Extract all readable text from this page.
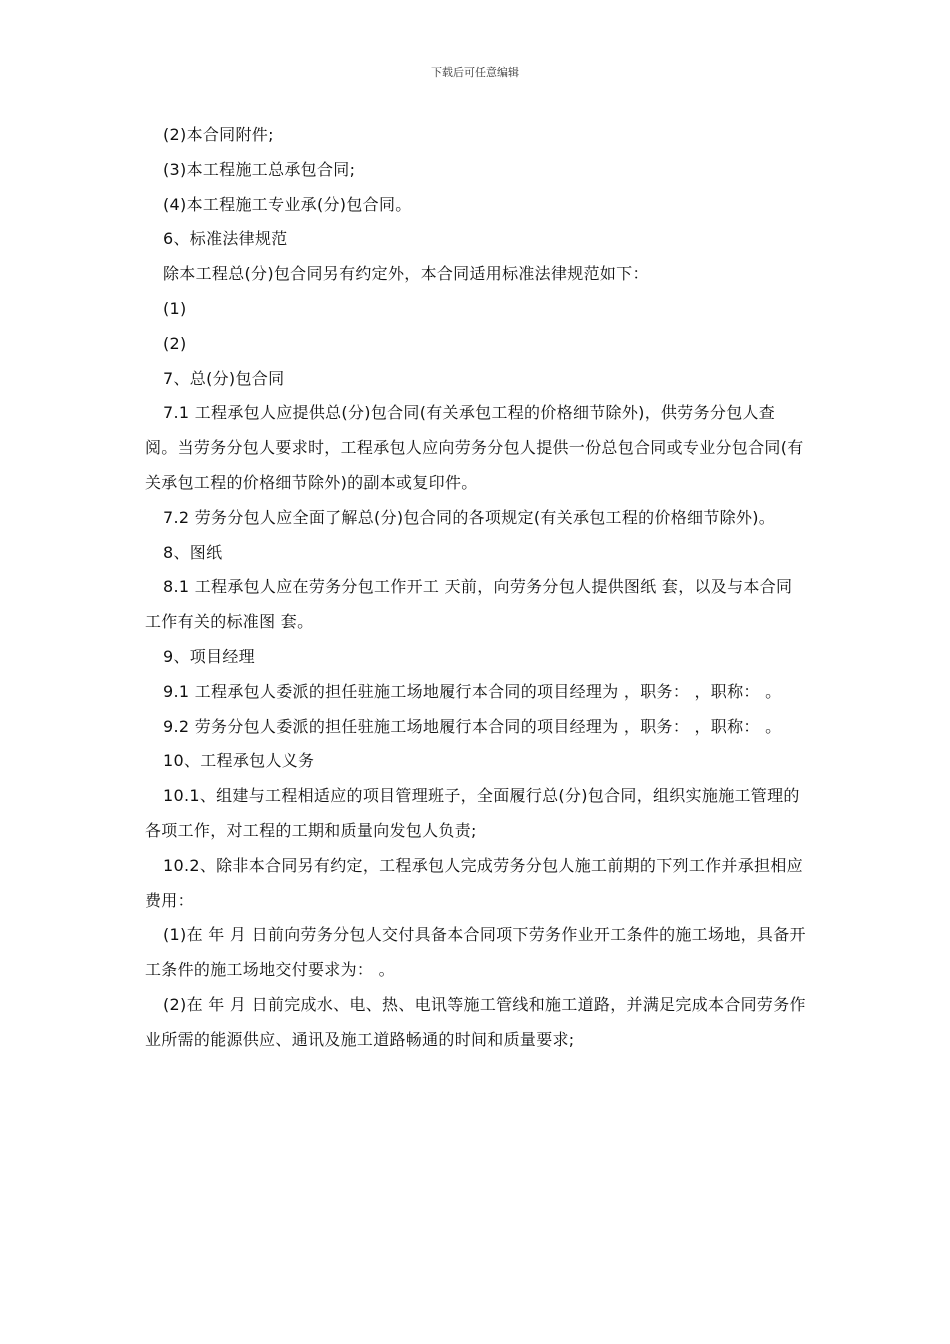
下载后可任意编辑

(2)本合同附件;

(3)本工程施工总承包合同;

(4)本工程施工专业承(分)包合同。

6、标准法律规范

除本工程总(分)包合同另有约定外，本合同适用标准法律规范如下：

(1)

(2)

7、总(分)包合同

7.1 工程承包人应提供总(分)包合同(有关承包工程的价格细节除外)，供劳务分包人查阅。当劳务分包人要求时，工程承包人应向劳务分包人提供一份总包合同或专业分包合同(有关承包工程的价格细节除外)的副本或复印件。

7.2 劳务分包人应全面了解总(分)包合同的各项规定(有关承包工程的价格细节除外)。

8、图纸

8.1 工程承包人应在劳务分包工作开工 天前，向劳务分包人提供图纸 套，以及与本合同工作有关的标准图 套。

9、项目经理

9.1 工程承包人委派的担任驻施工场地履行本合同的项目经理为 ，职务： ，职称： 。

9.2 劳务分包人委派的担任驻施工场地履行本合同的项目经理为 ，职务： ，职称： 。

10、工程承包人义务

10.1、组建与工程相适应的项目管理班子，全面履行总(分)包合同，组织实施施工管理的各项工作，对工程的工期和质量向发包人负责;

10.2、除非本合同另有约定，工程承包人完成劳务分包人施工前期的下列工作并承担相应费用：

(1)在 年 月 日前向劳务分包人交付具备本合同项下劳务作业开工条件的施工场地，具备开工条件的施工场地交付要求为： 。

(2)在 年 月 日前完成水、电、热、电讯等施工管线和施工道路，并满足完成本合同劳务作业所需的能源供应、通讯及施工道路畅通的时间和质量要求;
